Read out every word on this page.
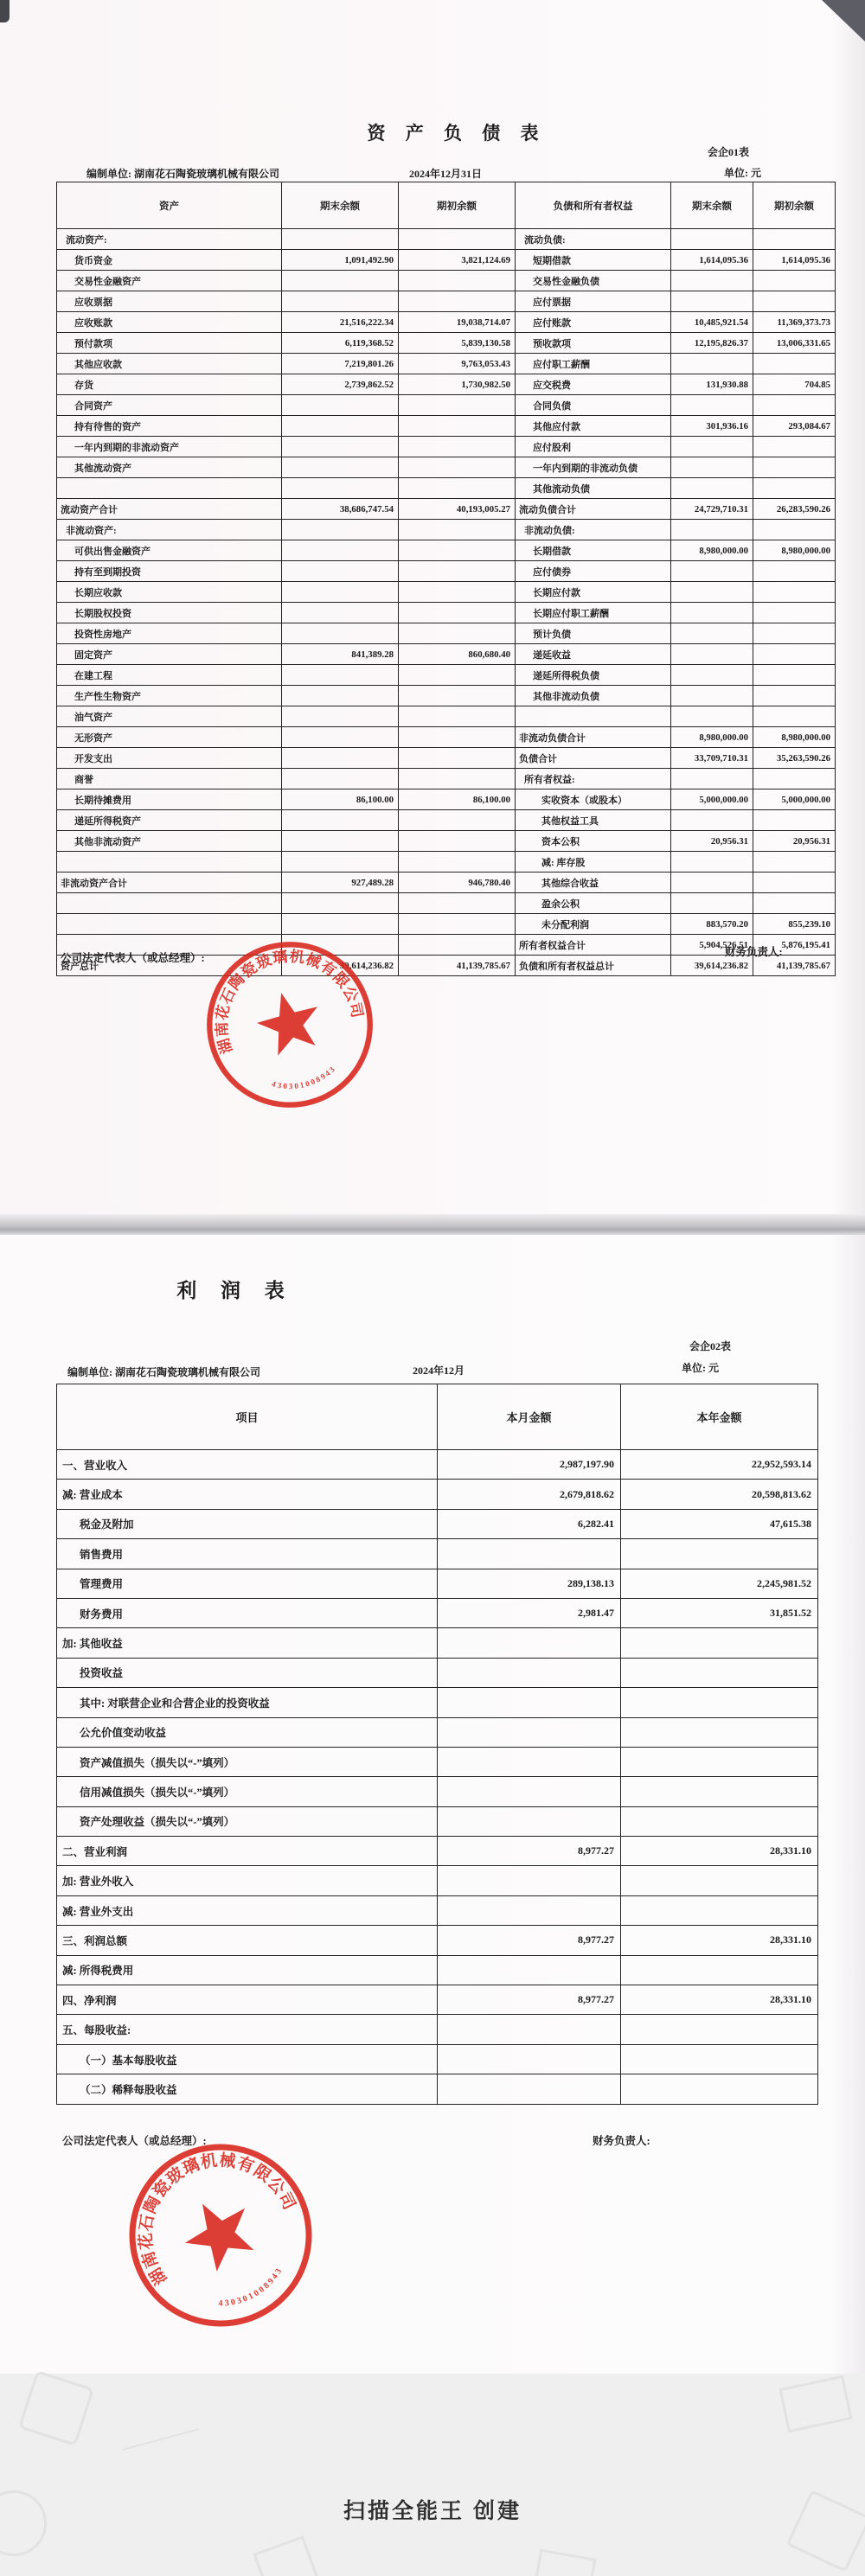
资 产 负 债 表
会企01表
编制单位: 湖南花石陶瓷玻璃机械有限公司	2024年12月31日	单位: 元
资产	期末余额	期初余额	负债和所有者权益	期末余额	期初余额
流动资产:			流动负债:		
货币资金	1,091,492.90	3,821,124.69	短期借款	1,614,095.36	1,614,095.36
交易性金融资产			交易性金融负债		
应收票据			应付票据		
应收账款	21,516,222.34	19,038,714.07	应付账款	10,485,921.54	11,369,373.73
预付款项	6,119,368.52	5,839,130.58	预收款项	12,195,826.37	13,006,331.65
其他应收款	7,219,801.26	9,763,053.43	应付职工薪酬		
存货	2,739,862.52	1,730,982.50	应交税费	131,930.88	704.85
合同资产			合同负债		
持有待售的资产			其他应付款	301,936.16	293,084.67
一年内到期的非流动资产			应付股利		
其他流动资产			一年内到期的非流动负债		
			其他流动负债		
流动资产合计	38,686,747.54	40,193,005.27	流动负债合计	24,729,710.31	26,283,590.26
非流动资产:			非流动负债:		
可供出售金融资产			长期借款	8,980,000.00	8,980,000.00
持有至到期投资			应付债券		
长期应收款			长期应付款		
长期股权投资			长期应付职工薪酬		
投资性房地产			预计负债		
固定资产	841,389.28	860,680.40	递延收益		
在建工程			递延所得税负债		
生产性生物资产			其他非流动负债		
油气资产					
无形资产			非流动负债合计	8,980,000.00	8,980,000.00
开发支出			负债合计	33,709,710.31	35,263,590.26
商誉			所有者权益:		
长期待摊费用	86,100.00	86,100.00	实收资本（或股本）	5,000,000.00	5,000,000.00
递延所得税资产			其他权益工具		
其他非流动资产			资本公积	20,956.31	20,956.31
			减: 库存股		
非流动资产合计	927,489.28	946,780.40	其他综合收益		
			盈余公积		
			未分配利润	883,570.20	855,239.10
			所有者权益合计	5,904,526.51	5,876,195.41
资产总计	39,614,236.82	41,139,785.67	负债和所有者权益总计	39,614,236.82	41,139,785.67
公司法定代表人（或总经理）:	财务负责人:
湖南花石陶瓷玻璃机械有限公司
430301008943
利 润 表
会企02表
编制单位: 湖南花石陶瓷玻璃机械有限公司	2024年12月	单位: 元
项目	本月金额	本年金额
一、营业收入	2,987,197.90	22,952,593.14
减: 营业成本	2,679,818.62	20,598,813.62
税金及附加	6,282.41	47,615.38
销售费用		
管理费用	289,138.13	2,245,981.52
财务费用	2,981.47	31,851.52
加: 其他收益		
投资收益		
其中: 对联营企业和合营企业的投资收益		
公允价值变动收益		
资产减值损失（损失以“-”填列）		
信用减值损失（损失以“-”填列）		
资产处理收益（损失以“-”填列）		
二、营业利润	8,977.27	28,331.10
加: 营业外收入		
减: 营业外支出		
三、利润总额	8,977.27	28,331.10
减: 所得税费用		
四、净利润	8,977.27	28,331.10
五、每股收益:		
（一）基本每股收益		
（二）稀释每股收益		
公司法定代表人（或总经理）:	财务负责人:
湖南花石陶瓷玻璃机械有限公司
430301008943
扫描全能王 创建
